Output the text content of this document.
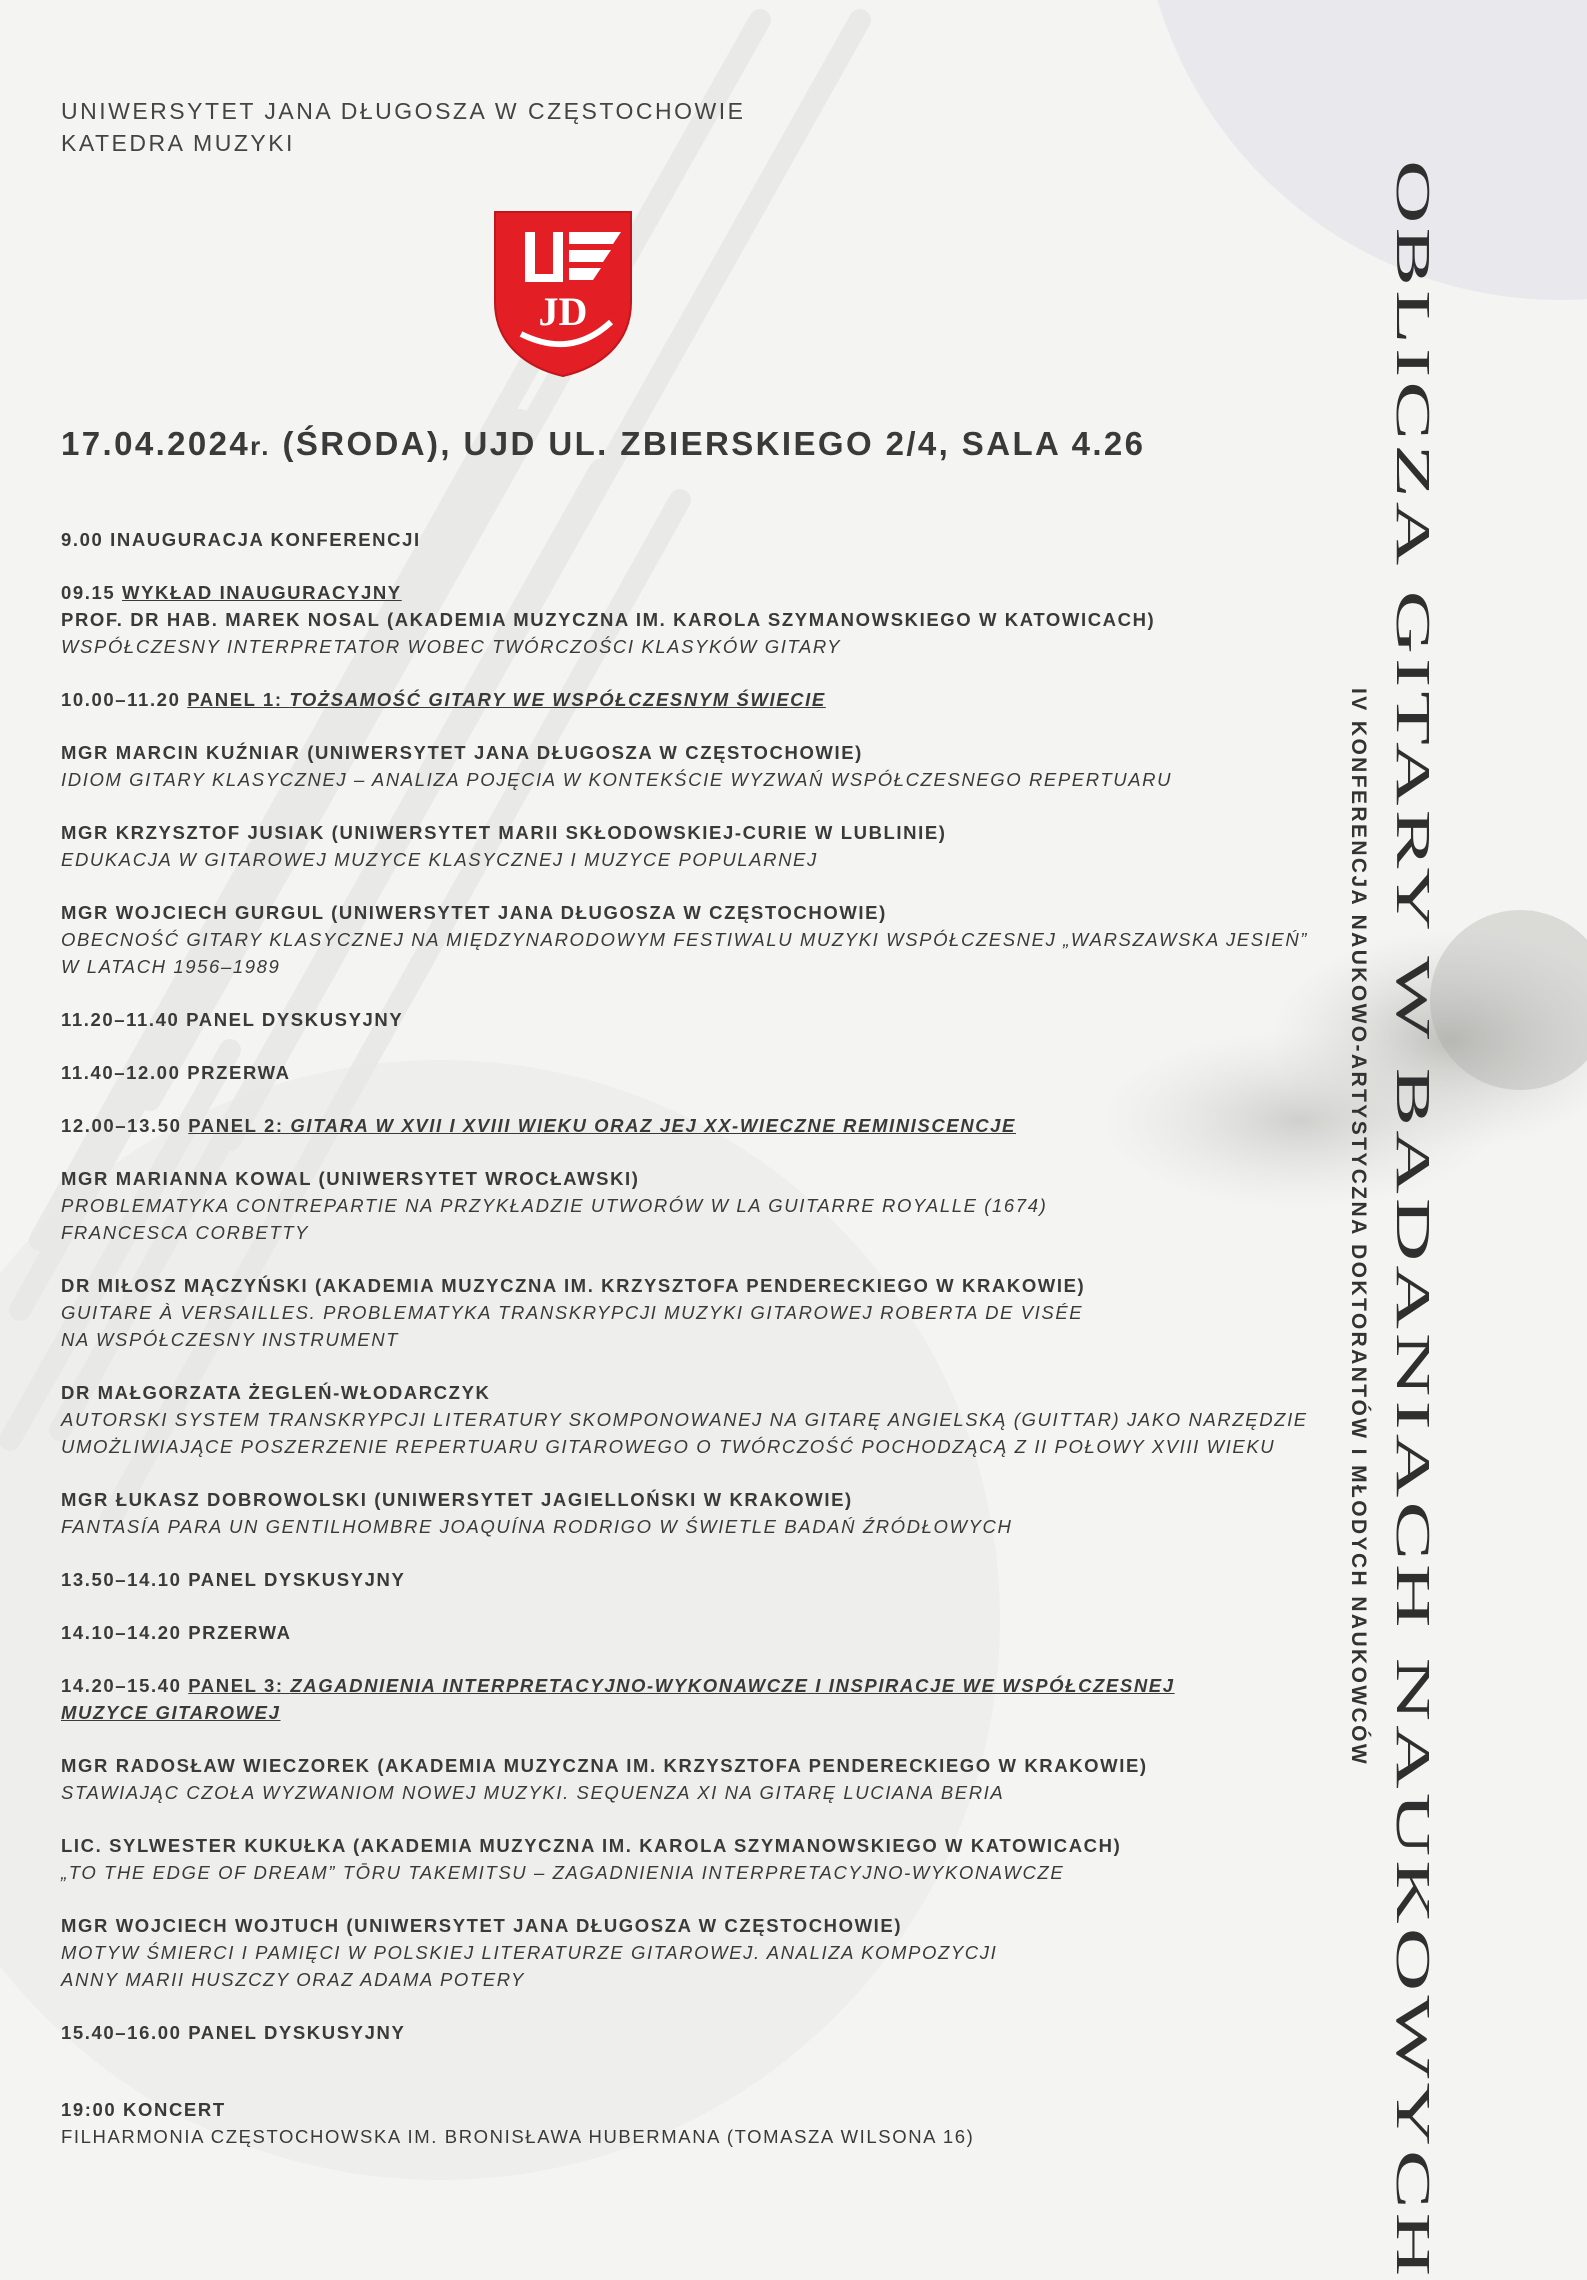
UNIWERSYTET JANA DŁUGOSZA W CZĘSTOCHOWIE
KATEDRA MUZYKI
JD
17.04.2024r. (ŚRODA), UJD UL. ZBIERSKIEGO 2/4, SALA 4.26
9.00 INAUGURACJA KONFERENCJI
09.15 WYKŁAD INAUGURACYJNY
PROF. DR HAB. MAREK NOSAL (AKADEMIA MUZYCZNA IM. KAROLA SZYMANOWSKIEGO W KATOWICACH)
WSPÓŁCZESNY INTERPRETATOR WOBEC TWÓRCZOŚCI KLASYKÓW GITARY
10.00–11.20 PANEL 1: TOŻSAMOŚĆ GITARY WE WSPÓŁCZESNYM ŚWIECIE
MGR MARCIN KUŹNIAR (UNIWERSYTET JANA DŁUGOSZA W CZĘSTOCHOWIE)
IDIOM GITARY KLASYCZNEJ – ANALIZA POJĘCIA W KONTEKŚCIE WYZWAŃ WSPÓŁCZESNEGO REPERTUARU
MGR KRZYSZTOF JUSIAK (UNIWERSYTET MARII SKŁODOWSKIEJ-CURIE W LUBLINIE)
EDUKACJA W GITAROWEJ MUZYCE KLASYCZNEJ I MUZYCE POPULARNEJ
MGR WOJCIECH GURGUL (UNIWERSYTET JANA DŁUGOSZA W CZĘSTOCHOWIE)
OBECNOŚĆ GITARY KLASYCZNEJ NA MIĘDZYNARODOWYM FESTIWALU MUZYKI WSPÓŁCZESNEJ „WARSZAWSKA JESIEŃ”
W LATACH 1956–1989
11.20–11.40 PANEL DYSKUSYJNY
11.40–12.00 PRZERWA
12.00–13.50 PANEL 2: GITARA W XVII I XVIII WIEKU ORAZ JEJ XX-WIECZNE REMINISCENCJE
MGR MARIANNA KOWAL (UNIWERSYTET WROCŁAWSKI)
PROBLEMATYKA CONTREPARTIE NA PRZYKŁADZIE UTWORÓW W LA GUITARRE ROYALLE (1674)
FRANCESCA CORBETTY
DR MIŁOSZ MĄCZYŃSKI (AKADEMIA MUZYCZNA IM. KRZYSZTOFA PENDERECKIEGO W KRAKOWIE)
GUITARE À VERSAILLES. PROBLEMATYKA TRANSKRYPCJI MUZYKI GITAROWEJ ROBERTA DE VISÉE
NA WSPÓŁCZESNY INSTRUMENT
DR MAŁGORZATA ŻEGLEŃ-WŁODARCZYK
AUTORSKI SYSTEM TRANSKRYPCJI LITERATURY SKOMPONOWANEJ NA GITARĘ ANGIELSKĄ (GUITTAR) JAKO NARZĘDZIE
UMOŻLIWIAJĄCE POSZERZENIE REPERTUARU GITAROWEGO O TWÓRCZOŚĆ POCHODZĄCĄ Z II POŁOWY XVIII WIEKU
MGR ŁUKASZ DOBROWOLSKI (UNIWERSYTET JAGIELLOŃSKI W KRAKOWIE)
FANTASÍA PARA UN GENTILHOMBRE JOAQUÍNA RODRIGO W ŚWIETLE BADAŃ ŹRÓDŁOWYCH
13.50–14.10 PANEL DYSKUSYJNY
14.10–14.20 PRZERWA
14.20–15.40 PANEL 3: ZAGADNIENIA INTERPRETACYJNO-WYKONAWCZE I INSPIRACJE WE WSPÓŁCZESNEJ
MUZYCE GITAROWEJ
MGR RADOSŁAW WIECZOREK (AKADEMIA MUZYCZNA IM. KRZYSZTOFA PENDERECKIEGO W KRAKOWIE)
STAWIAJĄC CZOŁA WYZWANIOM NOWEJ MUZYKI. SEQUENZA XI NA GITARĘ LUCIANA BERIA
LIC. SYLWESTER KUKUŁKA (AKADEMIA MUZYCZNA IM. KAROLA SZYMANOWSKIEGO W KATOWICACH)
„TO THE EDGE OF DREAM” TŌRU TAKEMITSU – ZAGADNIENIA INTERPRETACYJNO-WYKONAWCZE
MGR WOJCIECH WOJTUCH (UNIWERSYTET JANA DŁUGOSZA W CZĘSTOCHOWIE)
MOTYW ŚMIERCI I PAMIĘCI W POLSKIEJ LITERATURZE GITAROWEJ. ANALIZA KOMPOZYCJI
ANNY MARII HUSZCZY ORAZ ADAMA POTERY
15.40–16.00 PANEL DYSKUSYJNY
19:00 KONCERT
FILHARMONIA CZĘSTOCHOWSKA IM. BRONISŁAWA HUBERMANA (TOMASZA WILSONA 16)	OBLICZA GITARY W BADANIACH NAUKOWYCH
IV KONFERENCJA NAUKOWO-ARTYSTYCZNA DOKTORANTÓW I MŁODYCH NAUKOWCÓW
